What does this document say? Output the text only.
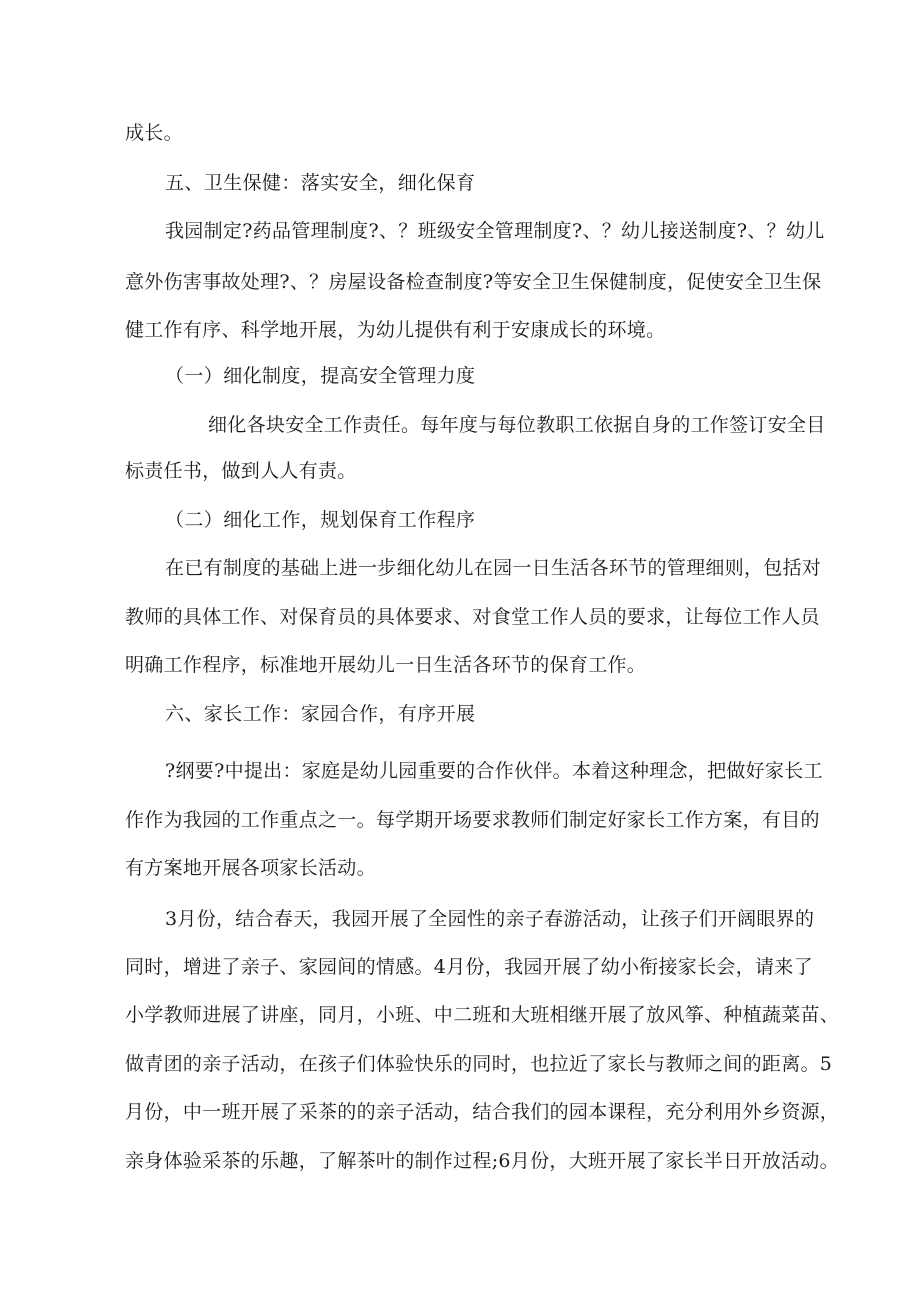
成长。
五、卫生保健：落实安全，细化保育
我园制定?药品管理制度?、？班级安全管理制度?、？幼儿接送制度?、？幼儿
意外伤害事故处理?、？房屋设备检查制度?等安全卫生保健制度，促使安全卫生保
健工作有序、科学地开展，为幼儿提供有利于安康成长的环境。
（一）细化制度，提高安全管理力度
细化各块安全工作责任。每年度与每位教职工依据自身的工作签订安全目
标责任书，做到人人有责。
（二）细化工作，规划保育工作程序
在已有制度的基础上进一步细化幼儿在园一日生活各环节的管理细则，包括对
教师的具体工作、对保育员的具体要求、对食堂工作人员的要求，让每位工作人员
明确工作程序，标准地开展幼儿一日生活各环节的保育工作。
六、家长工作：家园合作，有序开展
?纲要?中提出：家庭是幼儿园重要的合作伙伴。本着这种理念，把做好家长工
作作为我园的工作重点之一。每学期开场要求教师们制定好家长工作方案，有目的
有方案地开展各项家长活动。
3月份，结合春天，我园开展了全园性的亲子春游活动，让孩子们开阔眼界的
同时，增进了亲子、家园间的情感。4月份，我园开展了幼小衔接家长会，请来了
小学教师进展了讲座，同月，小班、中二班和大班相继开展了放风筝、种植蔬菜苗、
做青团的亲子活动，在孩子们体验快乐的同时，也拉近了家长与教师之间的距离。5
月份，中一班开展了采茶的的亲子活动，结合我们的园本课程，充分利用外乡资源，
亲身体验采茶的乐趣，了解茶叶的制作过程;6月份，大班开展了家长半日开放活动。
